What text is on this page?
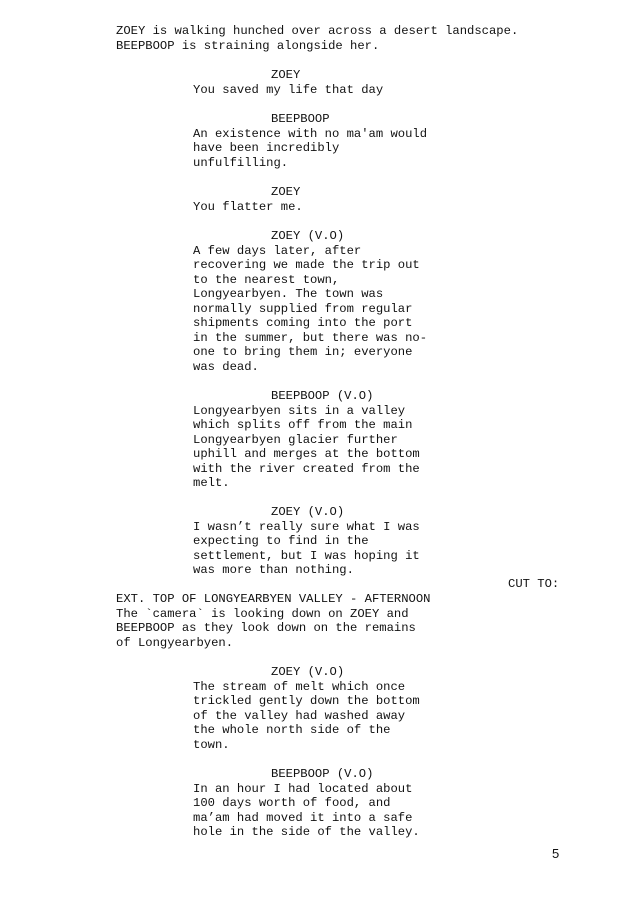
ZOEY is walking hunched over across a desert landscape.
BEEPBOOP is straining alongside her.
ZOEY
You saved my life that day
BEEPBOOP
An existence with no ma'am would
have been incredibly
unfulfilling.
ZOEY
You flatter me.
ZOEY (V.O)
A few days later, after
recovering we made the trip out
to the nearest town,
Longyearbyen. The town was
normally supplied from regular
shipments coming into the port
in the summer, but there was no-
one to bring them in; everyone
was dead.
BEEPBOOP (V.O)
Longyearbyen sits in a valley
which splits off from the main
Longyearbyen glacier further
uphill and merges at the bottom
with the river created from the
melt.
ZOEY (V.O)
I wasn’t really sure what I was
expecting to find in the
settlement, but I was hoping it
was more than nothing.
CUT TO:
EXT. TOP OF LONGYEARBYEN VALLEY - AFTERNOON
The `camera` is looking down on ZOEY and
BEEPBOOP as they look down on the remains
of Longyearbyen.
ZOEY (V.O)
The stream of melt which once
trickled gently down the bottom
of the valley had washed away
the whole north side of the
town.
BEEPBOOP (V.O)
In an hour I had located about
100 days worth of food, and
ma’am had moved it into a safe
hole in the side of the valley.
5
